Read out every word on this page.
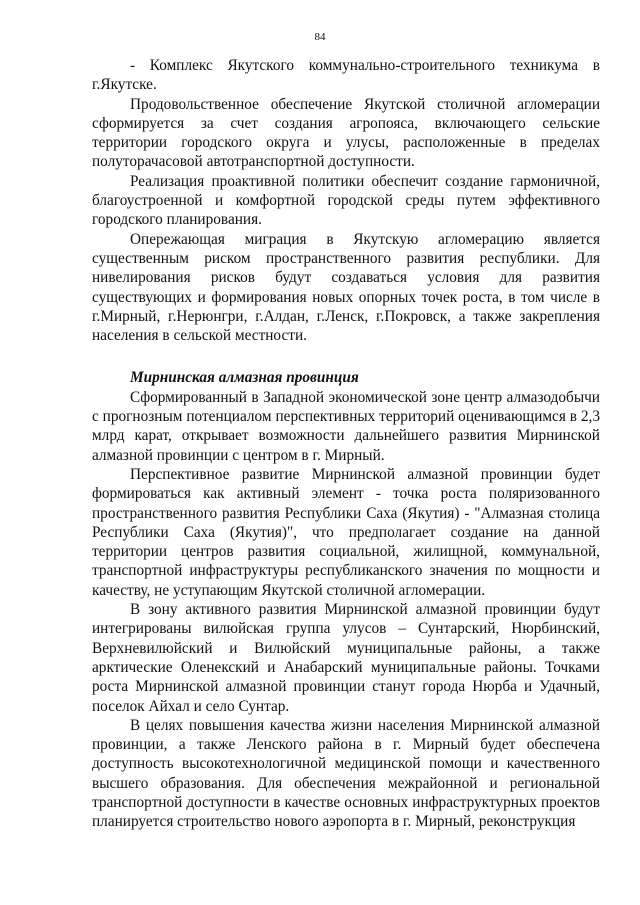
84

- Комплекс Якутского коммунально-строительного техникума в г.Якутске.

Продовольственное обеспечение Якутской столичной агломерации сформируется за счет создания агропояса, включающего сельские территории городского округа и улусы, расположенные в пределах полуторачасовой автотранспортной доступности.

Реализация проактивной политики обеспечит создание гармоничной, благоустроенной и комфортной городской среды путем эффективного городского планирования.

Опережающая миграция в Якутскую агломерацию является существенным риском пространственного развития республики. Для нивелирования рисков будут создаваться условия для развития существующих и формирования новых опорных точек роста, в том числе в г.Мирный, г.Нерюнгри, г.Алдан, г.Ленск, г.Покровск, а также закрепления населения в сельской местности.

Мирнинская алмазная провинция

Сформированный в Западной экономической зоне центр алмазодобычи с прогнозным потенциалом перспективных территорий оценивающимся в 2,3 млрд карат, открывает возможности дальнейшего развития Мирнинской алмазной провинции с центром в г. Мирный.

Перспективное развитие Мирнинской алмазной провинции будет формироваться как активный элемент - точка роста поляризованного пространственного развития Республики Саха (Якутия) - "Алмазная столица Республики Саха (Якутия)", что предполагает создание на данной территории центров развития социальной, жилищной, коммунальной, транспортной инфраструктуры республиканского значения по мощности и качеству, не уступающим Якутской столичной агломерации.

В зону активного развития Мирнинской алмазной провинции будут интегрированы вилюйская группа улусов – Сунтарский, Нюрбинский, Верхневилюйский и Вилюйский муниципальные районы, а также арктические Оленекский и Анабарский муниципальные районы. Точками роста Мирнинской алмазной провинции станут города Нюрба и Удачный, поселок Айхал и село Сунтар.

В целях повышения качества жизни населения Мирнинской алмазной провинции, а также Ленского района в г. Мирный будет обеспечена доступность высокотехнологичной медицинской помощи и качественного высшего образования. Для обеспечения межрайонной и региональной транспортной доступности в качестве основных инфраструктурных проектов планируется строительство нового аэропорта в г. Мирный, реконструкция
